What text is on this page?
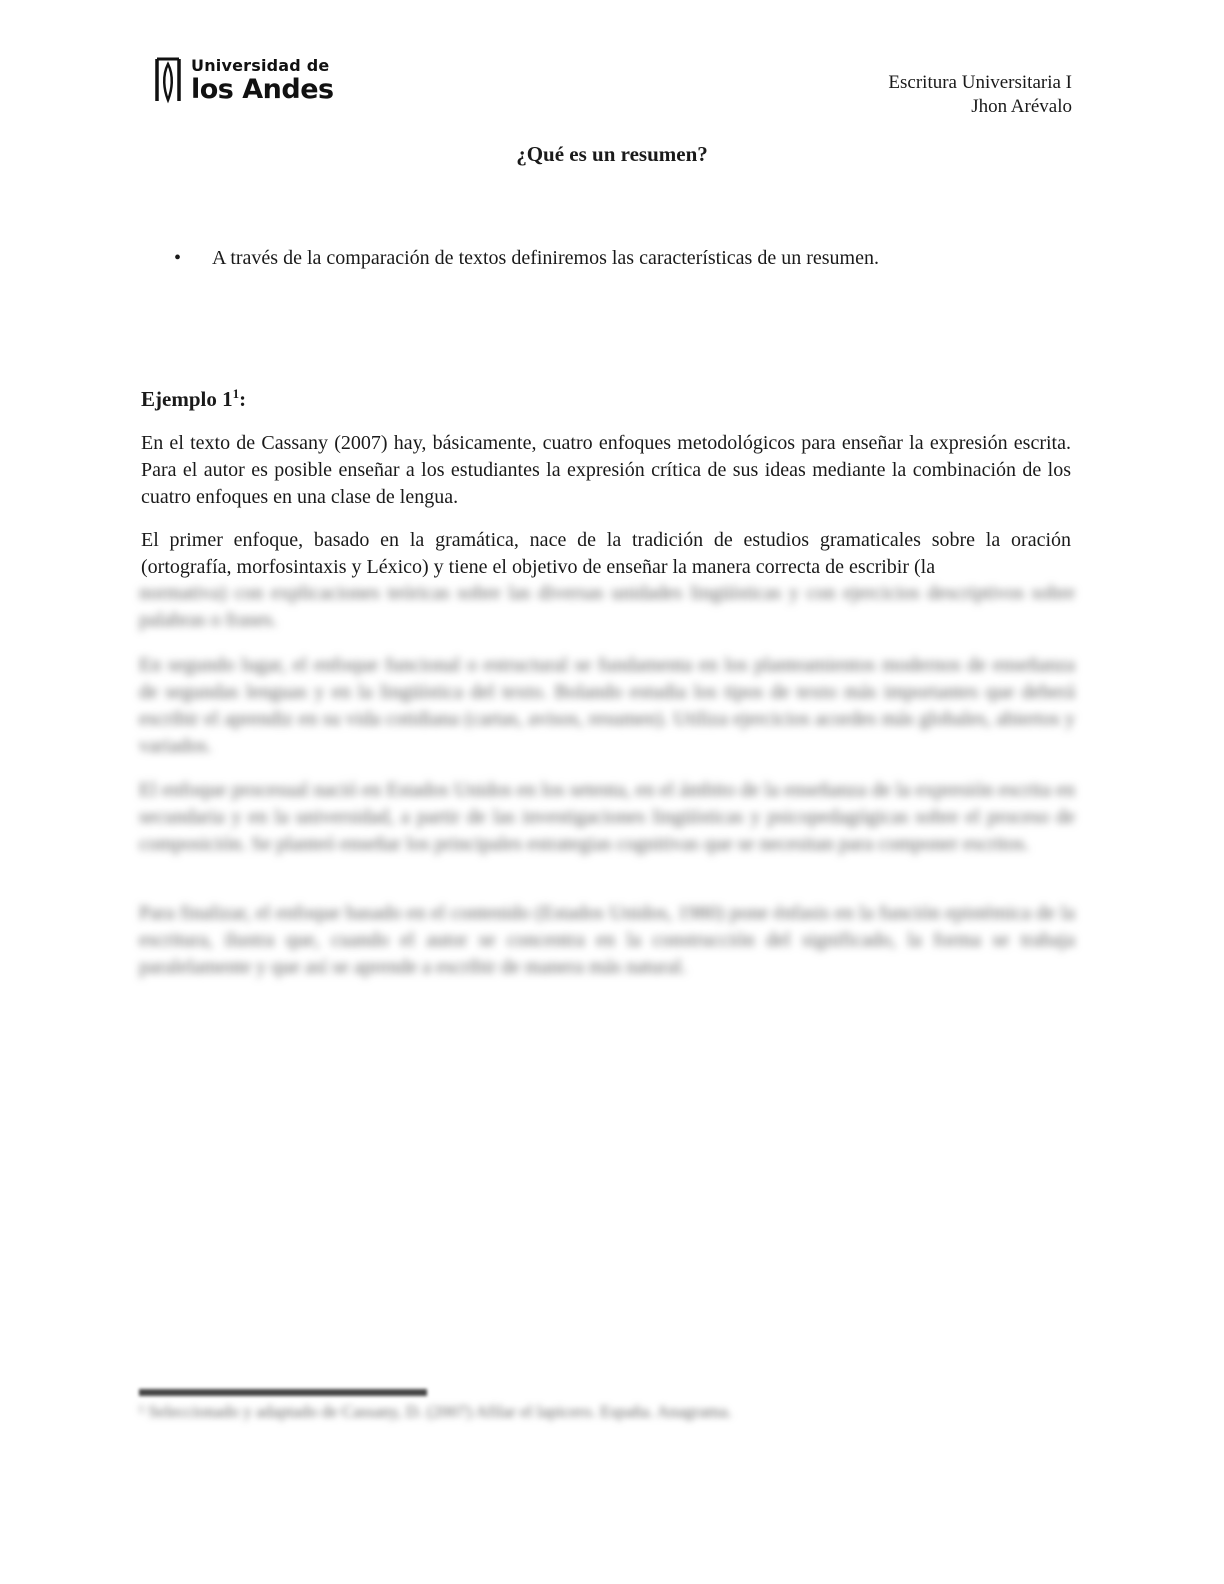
Universidad de
los Andes	Escritura Universitaria I
Jhon Arévalo
¿Qué es un resumen?
•	A través de la comparación de textos definiremos las características de un resumen.
Ejemplo $1^1$:
En el texto de Cassany (2007) hay, básicamente, cuatro enfoques metodológicos para enseñar la expresión escrita. Para el autor es posible enseñar a los estudiantes la expresión crítica de sus ideas mediante la combinación de los cuatro enfoques en una clase de lengua.
El primer enfoque, basado en la gramática, nace de la tradición de estudios gramaticales sobre la oración (ortografía, morfosintaxis y Léxico) y tiene el objetivo de enseñar la manera correcta de escribir (la
normativa) con explicaciones teóricas sobre las diversas unidades lingüísticas y con ejercicios descriptivos sobre palabras o frases.
En segundo lugar, el enfoque funcional o estructural se fundamenta en los planteamientos modernos de enseñanza de segundas lenguas y en la lingüística del texto. Bolando estudia los tipos de texto más importantes que deberá escribir el aprendiz en su vida cotidiana (cartas, avisos, resumen). Utiliza ejercicios acordes más globales, abiertos y variados.
El enfoque procesual nació en Estados Unidos en los setenta, en el ámbito de la enseñanza de la expresión escrita en secundaria y en la universidad, a partir de las investigaciones lingüísticas y psicopedagógicas sobre el proceso de composición. Se planteó enseñar los principales estrategias cognitivas que se necesitan para componer escritos.
Para finalizar, el enfoque basado en el contenido (Estados Unidos, 1980) pone énfasis en la función epistémica de la escritura, ilustra que, cuando el autor se concentra en la construcción del significado, la forma se trabaja paralelamente y que así se aprende a escribir de manera más natural.
¹ Seleccionado y adaptado de Cassany, D. (2007) Afilar el lapicero. España. Anagrama.
